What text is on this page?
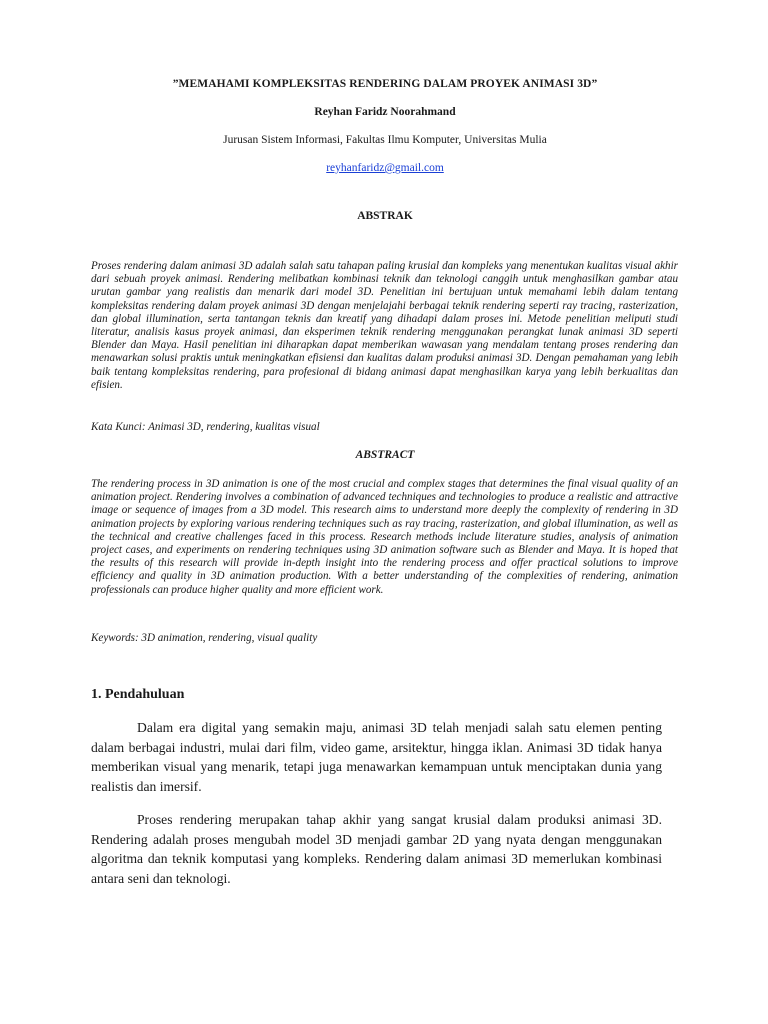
”MEMAHAMI KOMPLEKSITAS RENDERING DALAM PROYEK ANIMASI 3D”

Reyhan Faridz Noorahmand

Jurusan Sistem Informasi, Fakultas Ilmu Komputer, Universitas Mulia

reyhanfaridz@gmail.com

ABSTRAK

Proses rendering dalam animasi 3D adalah salah satu tahapan paling krusial dan kompleks yang menentukan kualitas visual akhir dari sebuah proyek animasi. Rendering melibatkan kombinasi teknik dan teknologi canggih untuk menghasilkan gambar atau urutan gambar yang realistis dan menarik dari model 3D. Penelitian ini bertujuan untuk memahami lebih dalam tentang kompleksitas rendering dalam proyek animasi 3D dengan menjelajahi berbagai teknik rendering seperti ray tracing, rasterization, dan global illumination, serta tantangan teknis dan kreatif yang dihadapi dalam proses ini. Metode penelitian meliputi studi literatur, analisis kasus proyek animasi, dan eksperimen teknik rendering menggunakan perangkat lunak animasi 3D seperti Blender dan Maya. Hasil penelitian ini diharapkan dapat memberikan wawasan yang mendalam tentang proses rendering dan menawarkan solusi praktis untuk meningkatkan efisiensi dan kualitas dalam produksi animasi 3D. Dengan pemahaman yang lebih baik tentang kompleksitas rendering, para profesional di bidang animasi dapat menghasilkan karya yang lebih berkualitas dan efisien.

Kata Kunci: Animasi 3D, rendering, kualitas visual

ABSTRACT

The rendering process in 3D animation is one of the most crucial and complex stages that determines the final visual quality of an animation project. Rendering involves a combination of advanced techniques and technologies to produce a realistic and attractive image or sequence of images from a 3D model. This research aims to understand more deeply the complexity of rendering in 3D animation projects by exploring various rendering techniques such as ray tracing, rasterization, and global illumination, as well as the technical and creative challenges faced in this process. Research methods include literature studies, analysis of animation project cases, and experiments on rendering techniques using 3D animation software such as Blender and Maya. It is hoped that the results of this research will provide in-depth insight into the rendering process and offer practical solutions to improve efficiency and quality in 3D animation production. With a better understanding of the complexities of rendering, animation professionals can produce higher quality and more efficient work.

Keywords: 3D animation, rendering, visual quality

1. Pendahuluan

Dalam era digital yang semakin maju, animasi 3D telah menjadi salah satu elemen penting dalam berbagai industri, mulai dari film, video game, arsitektur, hingga iklan. Animasi 3D tidak hanya memberikan visual yang menarik, tetapi juga menawarkan kemampuan untuk menciptakan dunia yang realistis dan imersif.

Proses rendering merupakan tahap akhir yang sangat krusial dalam produksi animasi 3D. Rendering adalah proses mengubah model 3D menjadi gambar 2D yang nyata dengan menggunakan algoritma dan teknik komputasi yang kompleks. Rendering dalam animasi 3D memerlukan kombinasi antara seni dan teknologi.
